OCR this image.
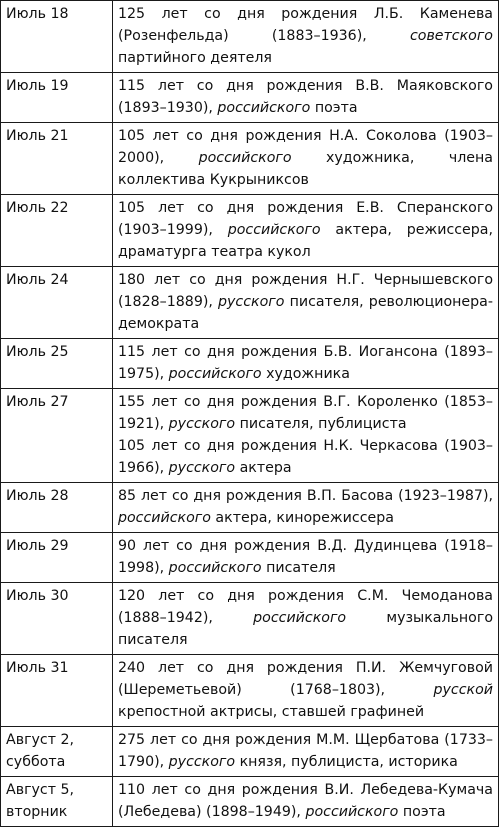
Июль 18	125 лет со дня рождения Л.Б. Каменева (Розенфельда) (1883–1936), советского партийного деятеля

Июль 19	115 лет со дня рождения В.В. Маяковского (1893–1930), российского поэта

Июль 21	105 лет со дня рождения Н.А. Соколова (1903–2000), российского художника, члена коллектива Кукрыниксов

Июль 22	105 лет со дня рождения Е.В. Сперанского (1903–1999), российского актера, режиссера, драматурга театра кукол

Июль 24	180 лет со дня рождения Н.Г. Чернышевского (1828–1889), русского писателя, революционера-демократа

Июль 25	115 лет со дня рождения Б.В. Иогансона (1893–1975), российского художника

Июль 27	155 лет со дня рождения В.Г. Короленко (1853–1921), русского писателя, публициста
105 лет со дня рождения Н.К. Черкасова (1903–1966), русского актера

Июль 28	85 лет со дня рождения В.П. Басова (1923–1987), российского актера, кинорежиссера

Июль 29	90 лет со дня рождения В.Д. Дудинцева (1918–1998), российского писателя

Июль 30	120 лет со дня рождения С.М. Чемоданова (1888–1942), российского музыкального писателя

Июль 31	240 лет со дня рождения П.И. Жемчуговой (Шереметьевой) (1768–1803), русской крепостной актрисы, ставшей графиней

Август 2,
суббота	275 лет со дня рождения М.М. Щербатова (1733–1790), русского князя, публициста, историка

Август 5,
вторник	110 лет со дня рождения В.И. Лебедева-Кумача (Лебедева) (1898–1949), российского поэта
